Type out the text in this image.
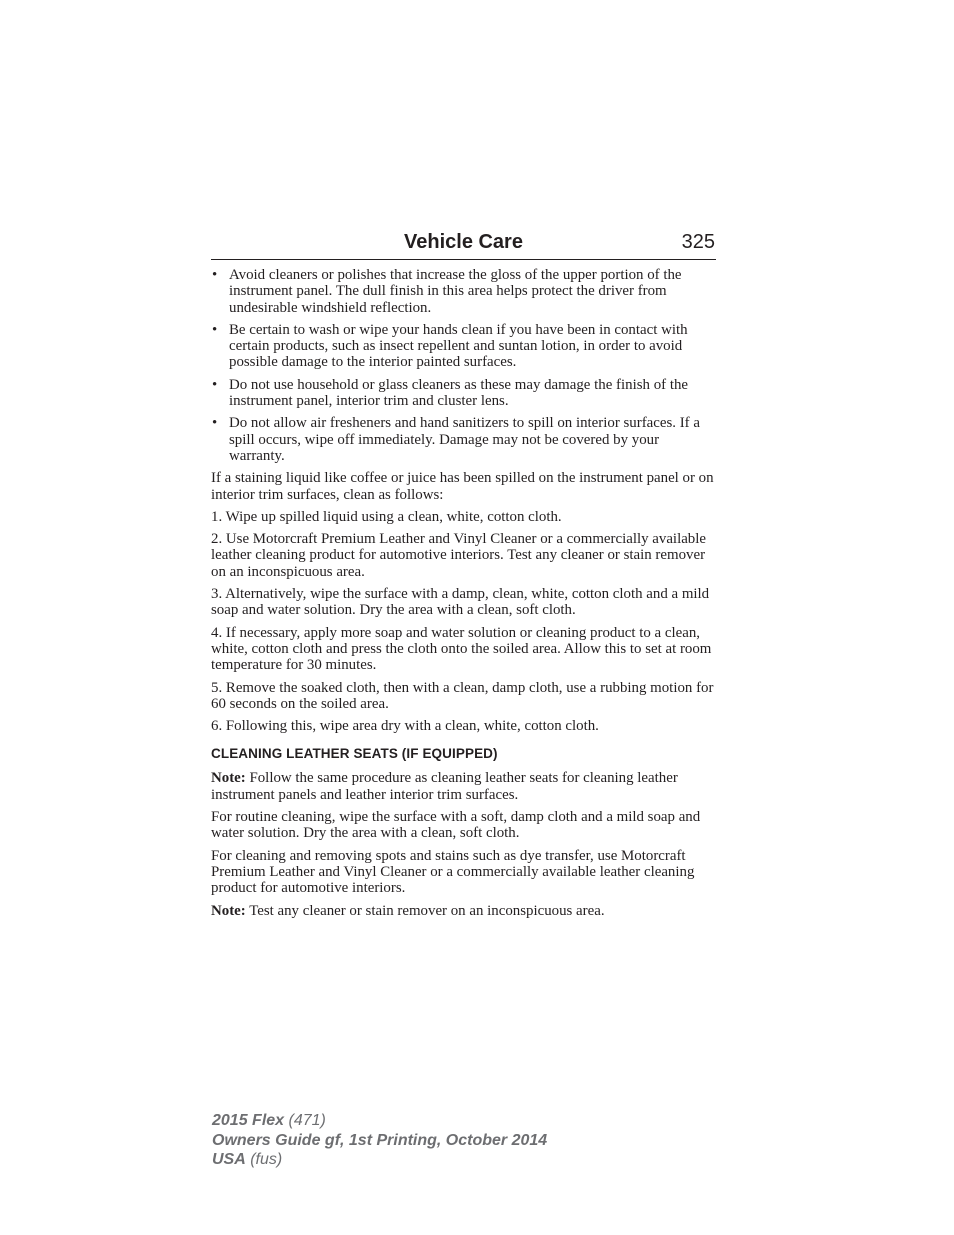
Vehicle Care	325
• Avoid cleaners or polishes that increase the gloss of the upper portion of the instrument panel. The dull finish in this area helps protect the driver from undesirable windshield reflection.
• Be certain to wash or wipe your hands clean if you have been in contact with certain products, such as insect repellent and suntan lotion, in order to avoid possible damage to the interior painted surfaces.
• Do not use household or glass cleaners as these may damage the finish of the instrument panel, interior trim and cluster lens.
• Do not allow air fresheners and hand sanitizers to spill on interior surfaces. If a spill occurs, wipe off immediately. Damage may not be covered by your warranty.

If a staining liquid like coffee or juice has been spilled on the instrument panel or on interior trim surfaces, clean as follows:

1. Wipe up spilled liquid using a clean, white, cotton cloth.

2. Use Motorcraft Premium Leather and Vinyl Cleaner or a commercially available leather cleaning product for automotive interiors. Test any cleaner or stain remover on an inconspicuous area.

3. Alternatively, wipe the surface with a damp, clean, white, cotton cloth and a mild soap and water solution. Dry the area with a clean, soft cloth.

4. If necessary, apply more soap and water solution or cleaning product to a clean, white, cotton cloth and press the cloth onto the soiled area. Allow this to set at room temperature for 30 minutes.

5. Remove the soaked cloth, then with a clean, damp cloth, use a rubbing motion for 60 seconds on the soiled area.

6. Following this, wipe area dry with a clean, white, cotton cloth.

CLEANING LEATHER SEATS (IF EQUIPPED)

Note: Follow the same procedure as cleaning leather seats for cleaning leather instrument panels and leather interior trim surfaces.

For routine cleaning, wipe the surface with a soft, damp cloth and a mild soap and water solution. Dry the area with a clean, soft cloth.

For cleaning and removing spots and stains such as dye transfer, use Motorcraft Premium Leather and Vinyl Cleaner or a commercially available leather cleaning product for automotive interiors.

Note: Test any cleaner or stain remover on an inconspicuous area.

2015 Flex (471)
Owners Guide gf, 1st Printing, October 2014
USA (fus)
